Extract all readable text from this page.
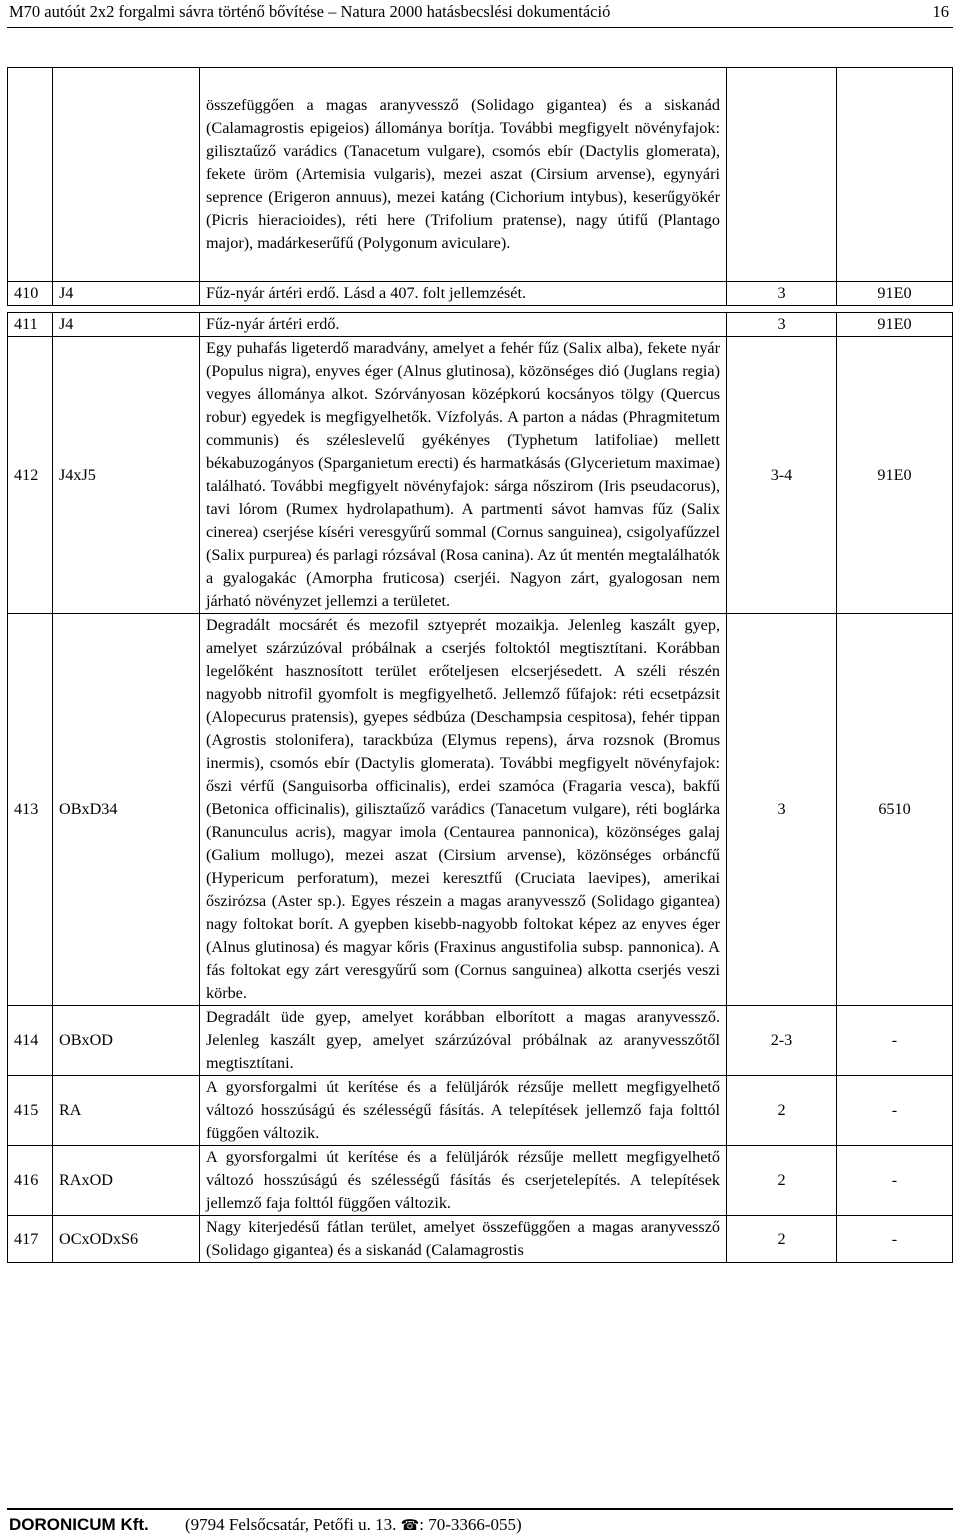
M70 autóút 2x2 forgalmi sávra történő bővítése – Natura 2000 hatásbecslési dokumentáció	16
		összefüggően a magas aranyvessző (Solidago gigantea) és a siskanád (Calamagrostis epigeios) állománya borítja. További megfigyelt növényfajok: gilisztaűző varádics (Tanacetum vulgare), csomós ebír (Dactylis glomerata), fekete üröm (Artemisia vulgaris), mezei aszat (Cirsium arvense), egynyári seprence (Erigeron annuus), mezei katáng (Cichorium intybus), keserűgyökér (Picris hieracioides), réti here (Trifolium pratense), nagy útifű (Plantago major), madárkeserűfű (Polygonum aviculare).		
410	J4	Fűz-nyár ártéri erdő. Lásd a 407. folt jellemzését.	3	91E0

411	J4	Fűz-nyár ártéri erdő.	3	91E0
412	J4xJ5	Egy puhafás ligeterdő maradvány, amelyet a fehér fűz (Salix alba), fekete nyár (Populus nigra), enyves éger (Alnus glutinosa), közönséges dió (Juglans regia) vegyes állománya alkot. Szórványosan középkorú kocsányos tölgy (Quercus robur) egyedek is megfigyelhetők. Vízfolyás. A parton a nádas (Phragmitetum communis) és széleslevelű gyékényes (Typhetum latifoliae) mellett békabuzogányos (Sparganietum erecti) és harmatkásás (Glycerietum maximae) található. További megfigyelt növényfajok: sárga nőszirom (Iris pseudacorus), tavi lórom (Rumex hydrolapathum). A partmenti sávot hamvas fűz (Salix cinerea) cserjése kíséri veresgyűrű sommal (Cornus sanguinea), csigolyafűzzel (Salix purpurea) és parlagi rózsával (Rosa canina). Az út mentén megtalálhatók a gyalogakác (Amorpha fruticosa) cserjéi. Nagyon zárt, gyalogosan nem járható növényzet jellemzi a területet.	3-4	91E0
413	OBxD34	Degradált mocsárét és mezofil sztyeprét mozaikja. Jelenleg kaszált gyep, amelyet szárzúzóval próbálnak a cserjés foltoktól megtisztítani. Korábban legelőként hasznosított terület erőteljesen elcserjésedett. A széli részén nagyobb nitrofil gyomfolt is megfigyelhető. Jellemző fűfajok: réti ecsetpázsit (Alopecurus pratensis), gyepes sédbúza (Deschampsia cespitosa), fehér tippan (Agrostis stolonifera), tarackbúza (Elymus repens), árva rozsnok (Bromus inermis), csomós ebír (Dactylis glomerata). További megfigyelt növényfajok: őszi vérfű (Sanguisorba officinalis), erdei szamóca (Fragaria vesca), bakfű (Betonica officinalis), gilisztaűző varádics (Tanacetum vulgare), réti boglárka (Ranunculus acris), magyar imola (Centaurea pannonica), közönséges galaj (Galium mollugo), mezei aszat (Cirsium arvense), közönséges orbáncfű (Hypericum perforatum), mezei keresztfű (Cruciata laevipes), amerikai őszirózsa (Aster sp.). Egyes részein a magas aranyvessző (Solidago gigantea) nagy foltokat borít. A gyepben kisebb-nagyobb foltokat képez az enyves éger (Alnus glutinosa) és magyar kőris (Fraxinus angustifolia subsp. pannonica). A fás foltokat egy zárt veresgyűrű som (Cornus sanguinea) alkotta cserjés veszi körbe.	3	6510
414	OBxOD	Degradált üde gyep, amelyet korábban elborított a magas aranyvessző. Jelenleg kaszált gyep, amelyet szárzúzóval próbálnak az aranyvesszőtől megtisztítani.	2-3	-
415	RA	A gyorsforgalmi út kerítése és a felüljárók rézsűje mellett megfigyelhető változó hosszúságú és szélességű fásítás. A telepítések jellemző faja folttól függően változik.	2	-
416	RAxOD	A gyorsforgalmi út kerítése és a felüljárók rézsűje mellett megfigyelhető változó hosszúságú és szélességű fásítás és cserjetelepítés. A telepítések jellemző faja folttól függően változik.	2	-
417	OCxODxS6	Nagy kiterjedésű fátlan terület, amelyet összefüggően a magas aranyvessző (Solidago gigantea) és a siskanád (Calamagrostis	2	-
DORONICUM Kft. (9794 Felsőcsatár, Petőfi u. 13. ☎: 70-3366-055)
